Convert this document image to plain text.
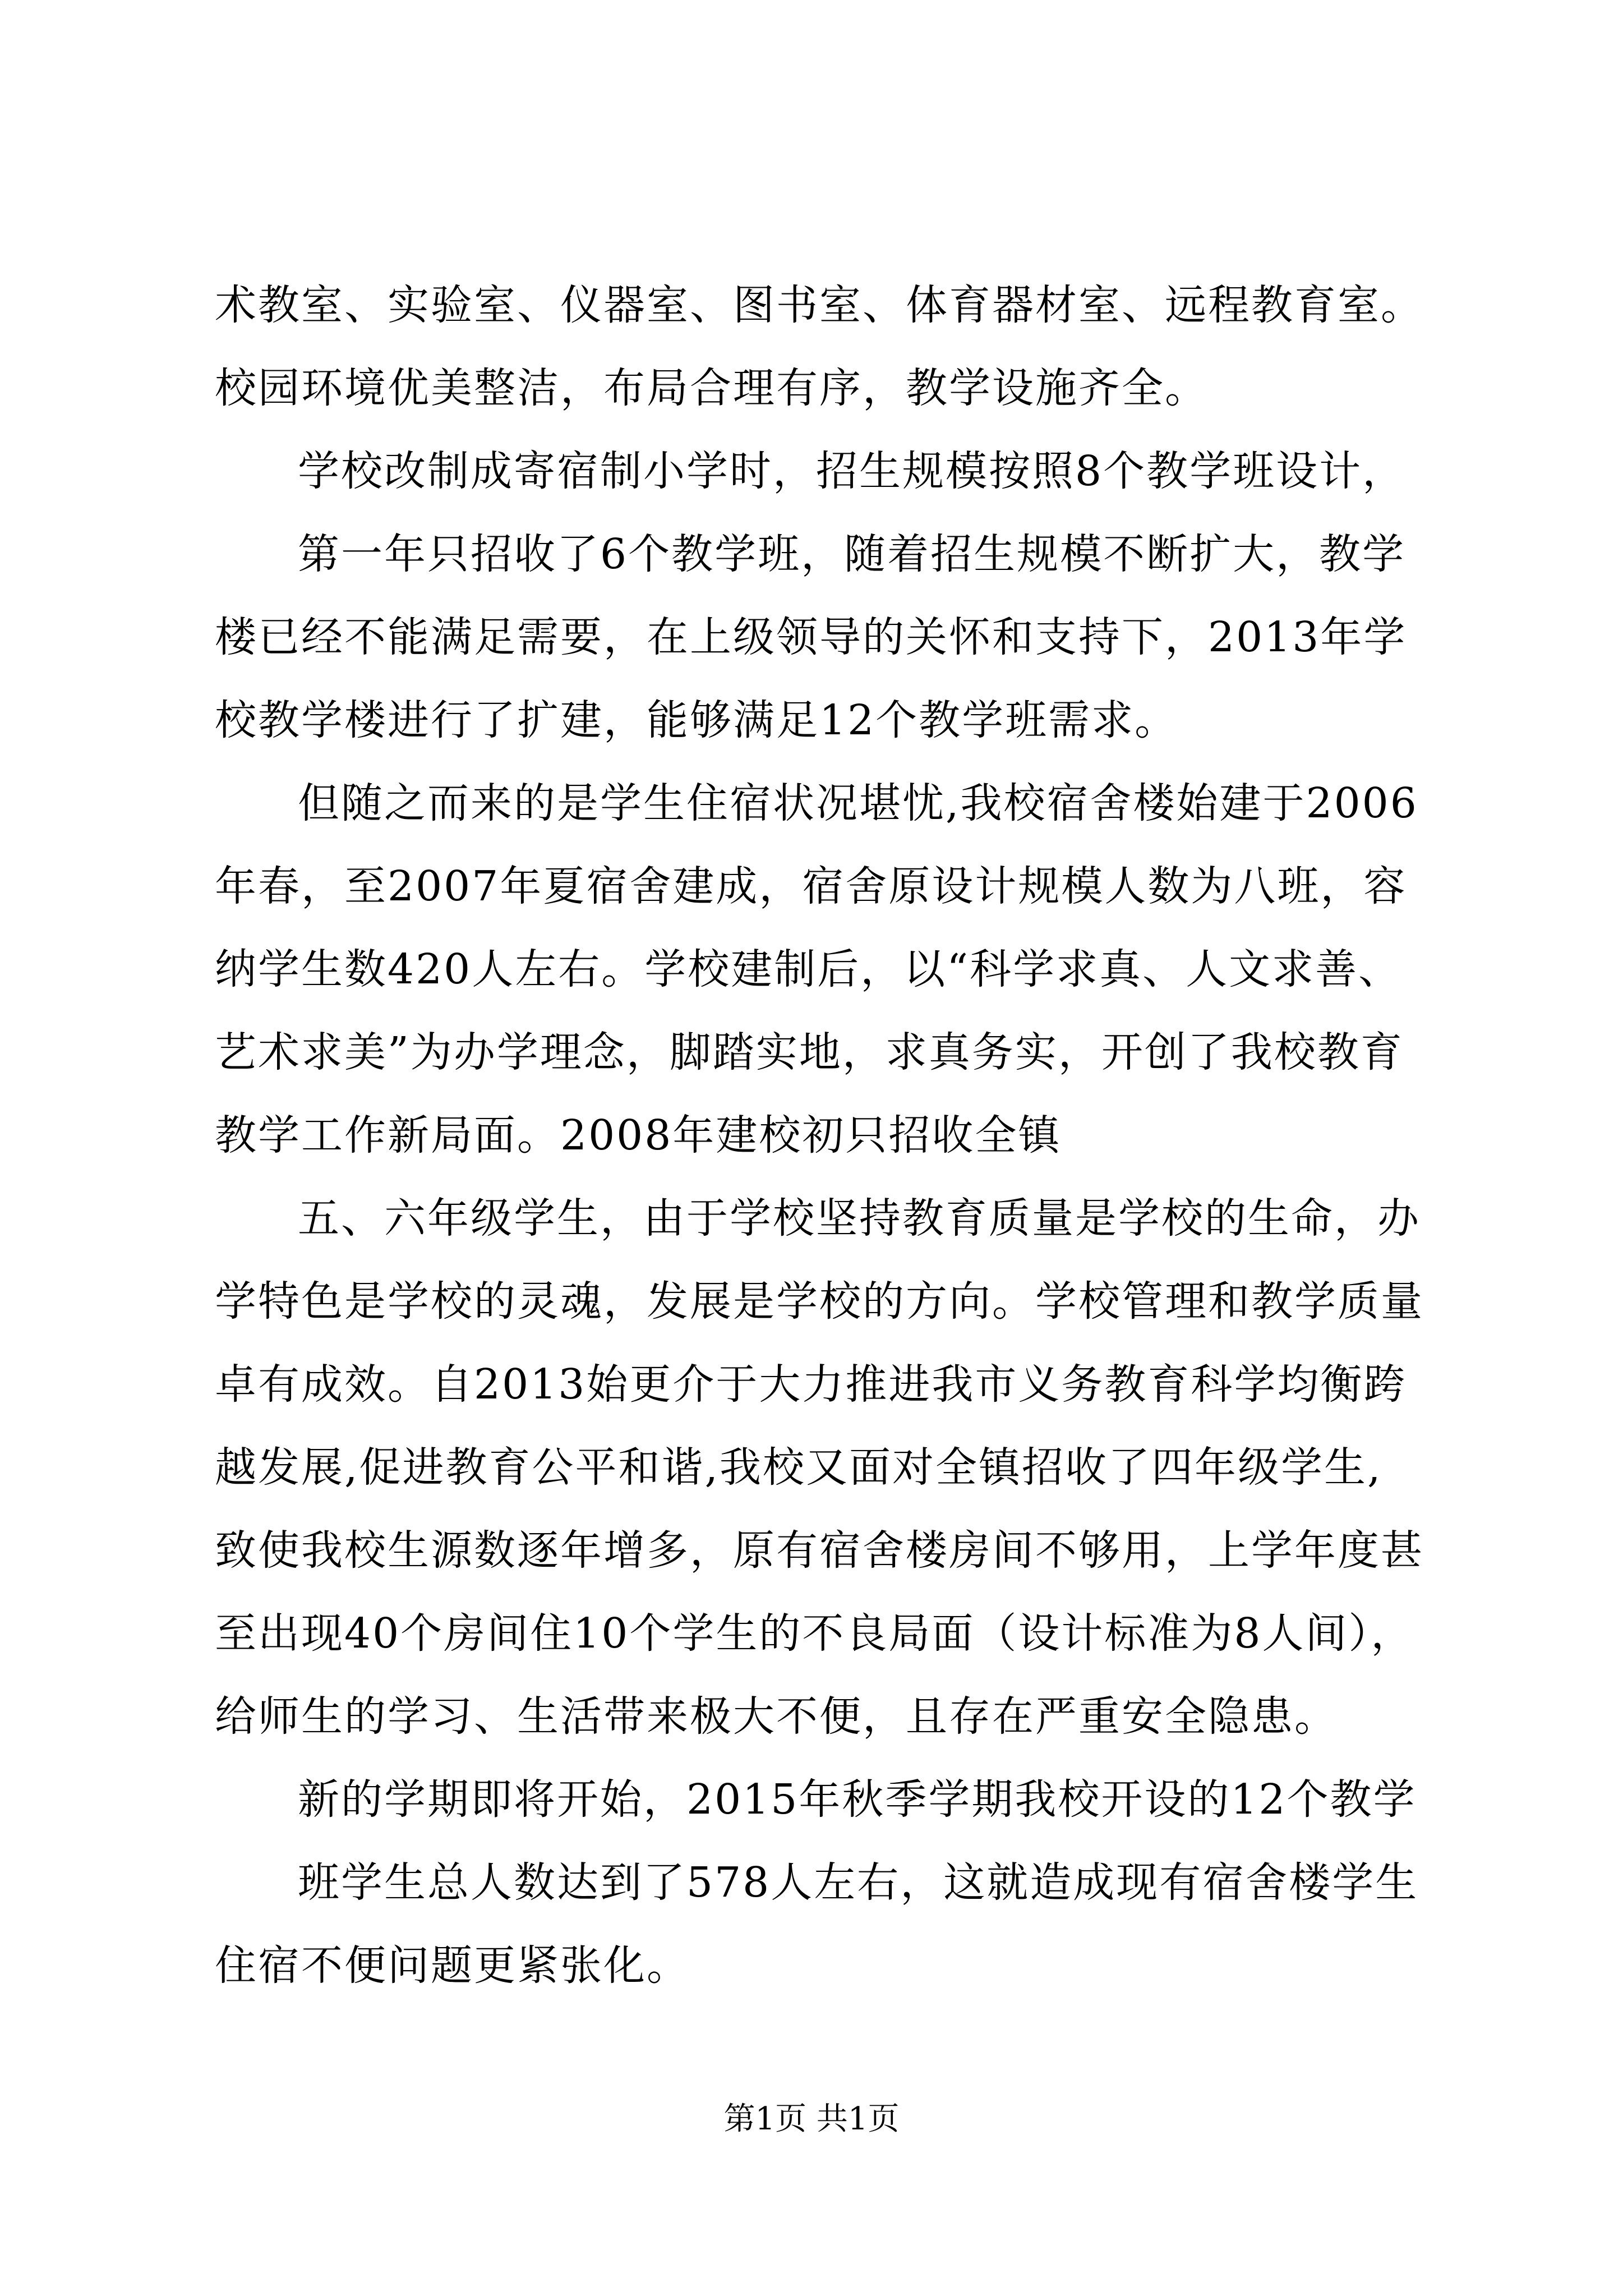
术教室、实验室、仪器室、图书室、体育器材室、远程教育室。
校园环境优美整洁，布局合理有序，教学设施齐全。
学校改制成寄宿制小学时，招生规模按照8个教学班设计，
第一年只招收了6个教学班，随着招生规模不断扩大，教学
楼已经不能满足需要，在上级领导的关怀和支持下，2013年学
校教学楼进行了扩建，能够满足12个教学班需求。
但随之而来的是学生住宿状况堪忧,我校宿舍楼始建于2006
年春，至2007年夏宿舍建成，宿舍原设计规模人数为八班，容
纳学生数420人左右。学校建制后，以“科学求真、人文求善、
艺术求美”为办学理念，脚踏实地，求真务实，开创了我校教育
教学工作新局面。2008年建校初只招收全镇
五、六年级学生，由于学校坚持教育质量是学校的生命，办
学特色是学校的灵魂，发展是学校的方向。学校管理和教学质量
卓有成效。自2013始更介于大力推进我市义务教育科学均衡跨
越发展,促进教育公平和谐,我校又面对全镇招收了四年级学生,
致使我校生源数逐年增多，原有宿舍楼房间不够用，上学年度甚
至出现40个房间住10个学生的不良局面（设计标准为8人间），
给师生的学习、生活带来极大不便，且存在严重安全隐患。
新的学期即将开始，2015年秋季学期我校开设的12个教学
班学生总人数达到了578人左右，这就造成现有宿舍楼学生
住宿不便问题更紧张化。
第1页 共1页
